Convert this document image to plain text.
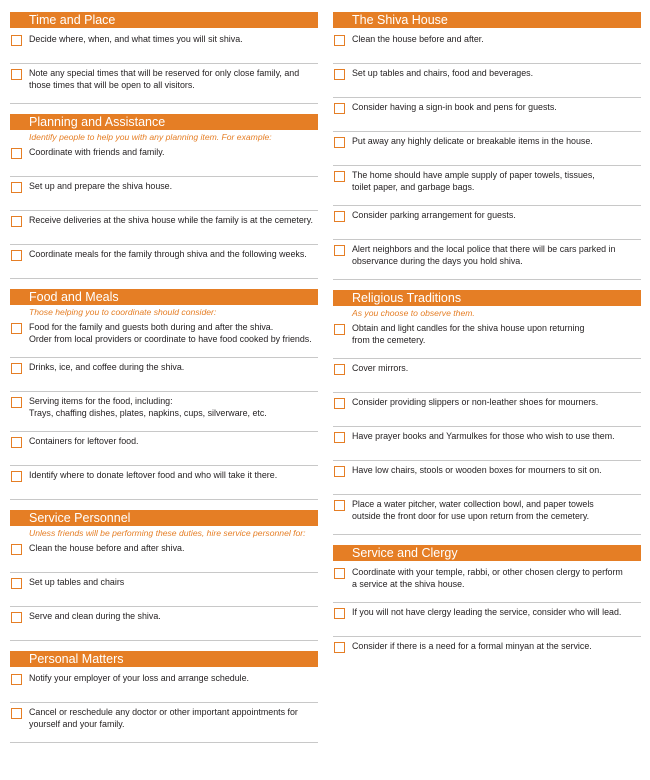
Time and Place
Decide where, when, and what times you will sit shiva.
Note any special times that will be reserved for only close family, and
those times that will be open to all visitors.
Planning and Assistance
Identify people to help you with any planning item. For example:
Coordinate with friends and family.
Set up and prepare the shiva house.
Receive deliveries at the shiva house while the family is at the cemetery.
Coordinate meals for the family through shiva and the following weeks.
Food and Meals
Those helping you to coordinate should consider:
Food for the family and guests both during and after the shiva.
Order from local providers or coordinate to have food cooked by friends.
Drinks, ice, and coffee during the shiva.
Serving items for the food, including:
Trays, chaffing dishes, plates, napkins, cups, silverware, etc.
Containers for leftover food.
Identify where to donate leftover food and who will take it there.
Service Personnel
Unless friends will be performing these duties, hire service personnel for:
Clean the house before and after shiva.
Set up tables and chairs
Serve and clean during the shiva.
Personal Matters
Notify your employer of your loss and arrange schedule.
Cancel or reschedule any doctor or other important appointments for
yourself and your family.
The Shiva House
Clean the house before and after.
Set up tables and chairs, food and beverages.
Consider having a sign-in book and pens for guests.
Put away any highly delicate or breakable items in the house.
The home should have ample supply of paper towels, tissues,
toilet paper, and garbage bags.
Consider parking arrangement for guests.
Alert neighbors and the local police that there will be cars parked in
observance during the days you hold shiva.
Religious Traditions
As you choose to observe them.
Obtain and light candles for the shiva house upon returning
from the cemetery.
Cover mirrors.
Consider providing slippers or non-leather shoes for mourners.
Have prayer books and Yarmulkes for those who wish to use them.
Have low chairs, stools or wooden boxes for mourners to sit on.
Place a water pitcher, water collection bowl, and paper towels
outside the front door for use upon return from the cemetery.
Service and Clergy
Coordinate with your temple, rabbi, or other chosen clergy to perform
a service at the shiva house.
If you will not have clergy leading the service, consider who will lead.
Consider if there is a need for a formal minyan at the service.
